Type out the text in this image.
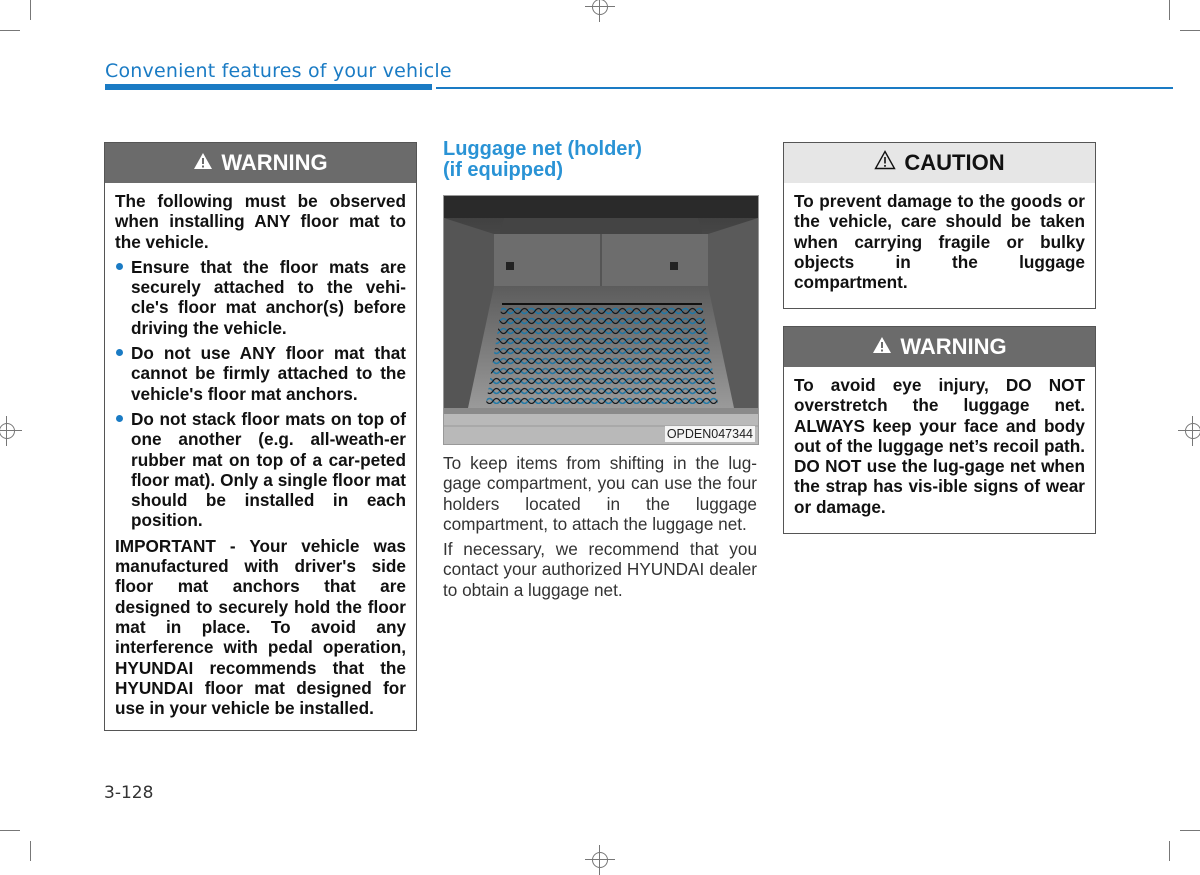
Convenient features of your vehicle
WARNING

The following must be observed when installing ANY floor mat to the vehicle.

Ensure that the floor mats are securely attached to the vehi-cle's floor mat anchor(s) before driving the vehicle.
Do not use ANY floor mat that cannot be firmly attached to the vehicle's floor mat anchors.
Do not stack floor mats on top of one another (e.g. all-weath-er rubber mat on top of a car-peted floor mat). Only a single floor mat should be installed in each position.

IMPORTANT - Your vehicle was manufactured with driver's side floor mat anchors that are designed to securely hold the floor mat in place. To avoid any interference with pedal operation, HYUNDAI recommends that the HYUNDAI floor mat designed for use in your vehicle be installed.

Luggage net (holder)
(if equipped)
OPDEN047344

To keep items from shifting in the lug-gage compartment, you can use the four holders located in the luggage compartment, to attach the luggage net.

If necessary, we recommend that you contact your authorized HYUNDAI dealer to obtain a luggage net.

CAUTION

To prevent damage to the goods or the vehicle, care should be taken when carrying fragile or bulky objects in the luggage compartment.

WARNING

To avoid eye injury, DO NOT overstretch the luggage net. ALWAYS keep your face and body out of the luggage net’s recoil path. DO NOT use the lug-gage net when the strap has vis-ible signs of wear or damage.

3-128
